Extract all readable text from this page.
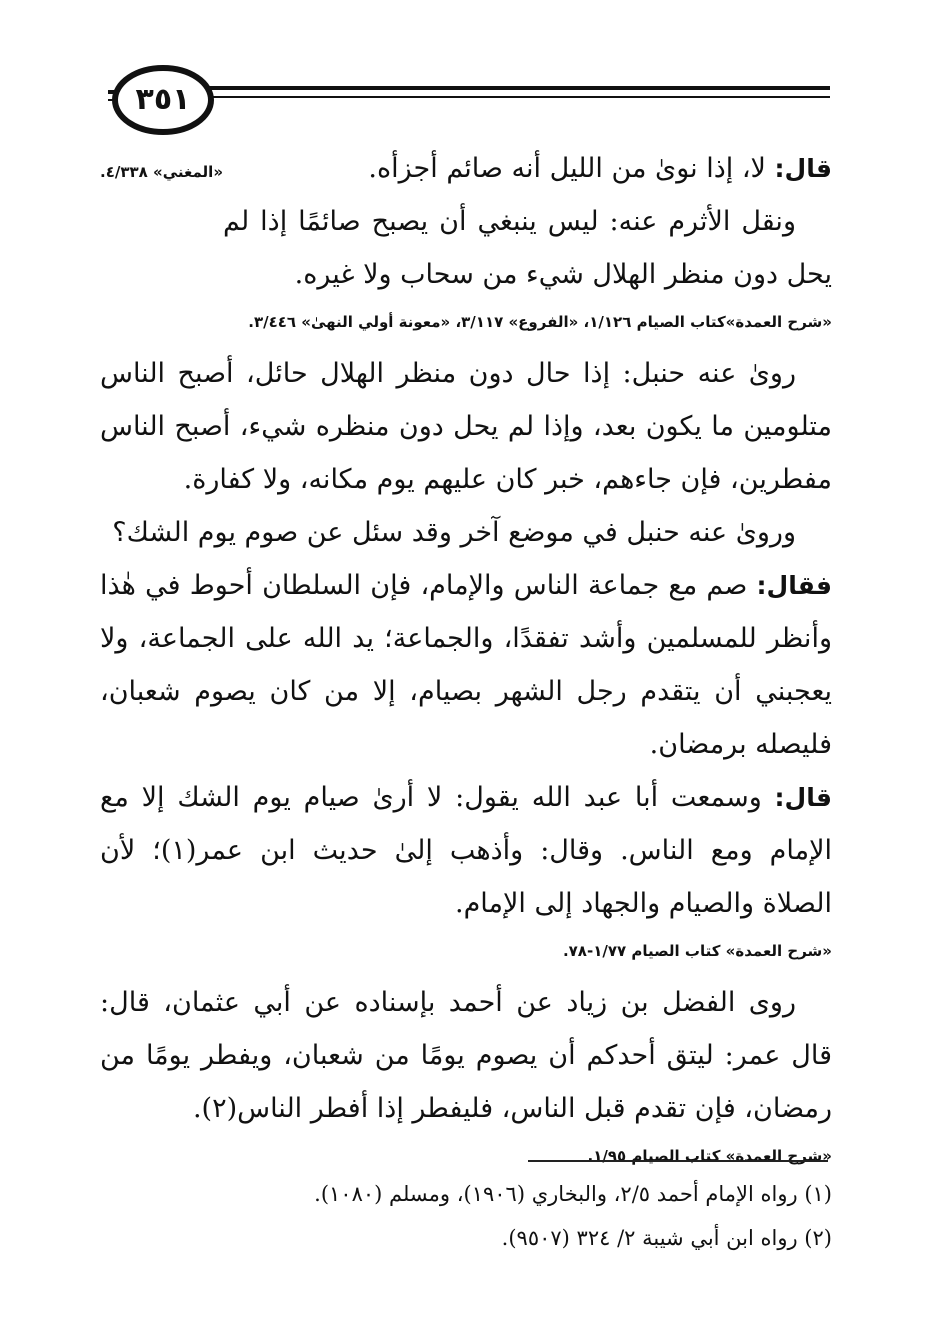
٣٥١

«المغني» ٤/٣٣٨.	قال: لا، إذا نوىٰ من الليل أنه صائم أجزأه.

ونقل الأثرم عنه: ليس ينبغي أن يصبح صائمًا إذا لم يحل دون منظر الهلال شيء من سحاب ولا غيره.

«شرح العمدة»كتاب الصيام ١/١٢٦، «الفروع» ٣/١١٧، «معونة أولي النهىٰ» ٣/٤٤٦.

روىٰ عنه حنبل: إذا حال دون منظر الهلال حائل، أصبح الناس متلومين ما يكون بعد، وإذا لم يحل دون منظره شيء، أصبح الناس مفطرين، فإن جاءهم، خبر كان عليهم يوم مكانه، ولا كفارة.

ورویٰ عنه حنبل في موضع آخر وقد سئل عن صوم يوم الشك؟

فقال: صم مع جماعة الناس والإمام، فإن السلطان أحوط في هٰذا وأنظر للمسلمين وأشد تفقدًا، والجماعة؛ يد الله على الجماعة، ولا يعجبني أن يتقدم رجل الشهر بصيام، إلا من كان يصوم شعبان، فليصله برمضان.

قال: وسمعت أبا عبد الله يقول: لا أرىٰ صيام يوم الشك إلا مع الإمام ومع الناس. وقال: وأذهب إلىٰ حديث ابن عمر(١)؛ لأن الصلاة والصيام والجهاد إلى الإمام.

«شرح العمدة» كتاب الصيام ١/٧٧-٧٨.

روى الفضل بن زياد عن أحمد بإسناده عن أبي عثمان، قال: قال عمر: ليتق أحدكم أن يصوم يومًا من شعبان، ويفطر يومًا من رمضان، فإن تقدم قبل الناس، فليفطر إذا أفطر الناس(٢).

«شرح العمدة» كتاب الصيام ١/٩٥.

(١) رواه الإمام أحمد ٢/٥، والبخاري (١٩٠٦)، ومسلم (١٠٨٠).

(٢) رواه ابن أبي شيبة ٢/ ٣٢٤ (٩٥٠٧).
